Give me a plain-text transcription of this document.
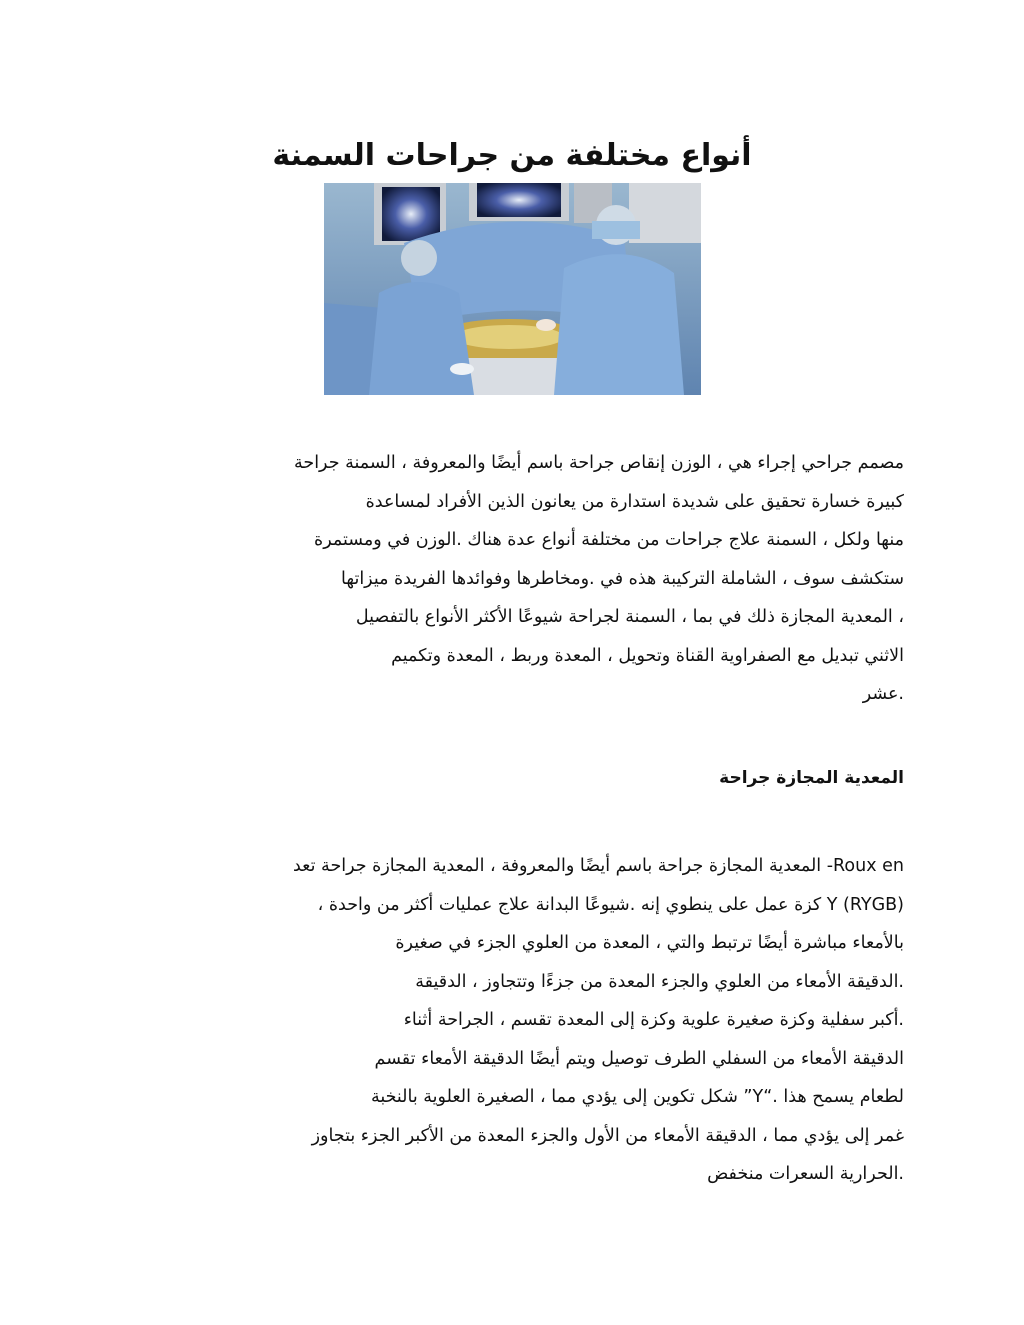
أنواع مختلفة من جراحات السمنة
مصمم جراحي إجراء هي ، الوزن إنقاص جراحة باسم أيضًا والمعروفة ، السمنة جراحة
كبيرة خسارة تحقيق على شديدة استدارة من يعانون الذين الأفراد لمساعدة
منها ولكل ، السمنة علاج جراحات من مختلفة أنواع عدة هناك .الوزن في ومستمرة
ستكشف سوف ، الشاملة التركيبة هذه في .ومخاطرها وفوائدها الفريدة ميزاتها
، المعدية المجازة ذلك في بما ، السمنة لجراحة شيوعًا الأكثر الأنواع بالتفصيل
الاثني تبديل مع الصفراوية القناة وتحويل ، المعدة وربط ، المعدة وتكميم
.عشر
المعدية المجازة جراحة
Roux en- المعدية المجازة جراحة باسم أيضًا والمعروفة ، المعدية المجازة جراحة تعد
Y (RYGB) كزة عمل على ينطوي إنه .شيوعًا البدانة علاج عمليات أكثر من واحدة ،
بالأمعاء مباشرة أيضًا ترتبط والتي ، المعدة من العلوي الجزء في صغيرة
.الدقيقة الأمعاء من العلوي والجزء المعدة من جزءًا وتتجاوز ، الدقيقة
.أكبر سفلية وكزة صغيرة علوية وكزة إلى المعدة تقسم ، الجراحة أثناء
الدقيقة الأمعاء من السفلي الطرف توصيل ويتم أيضًا الدقيقة الأمعاء تقسم
لطعام يسمح هذا .“Y” شكل تكوين إلى يؤدي مما ، الصغيرة العلوية بالنخبة
غمر إلى يؤدي مما ، الدقيقة الأمعاء من الأول والجزء المعدة من الأكبر الجزء بتجاوز
.الحرارية السعرات منخفض
